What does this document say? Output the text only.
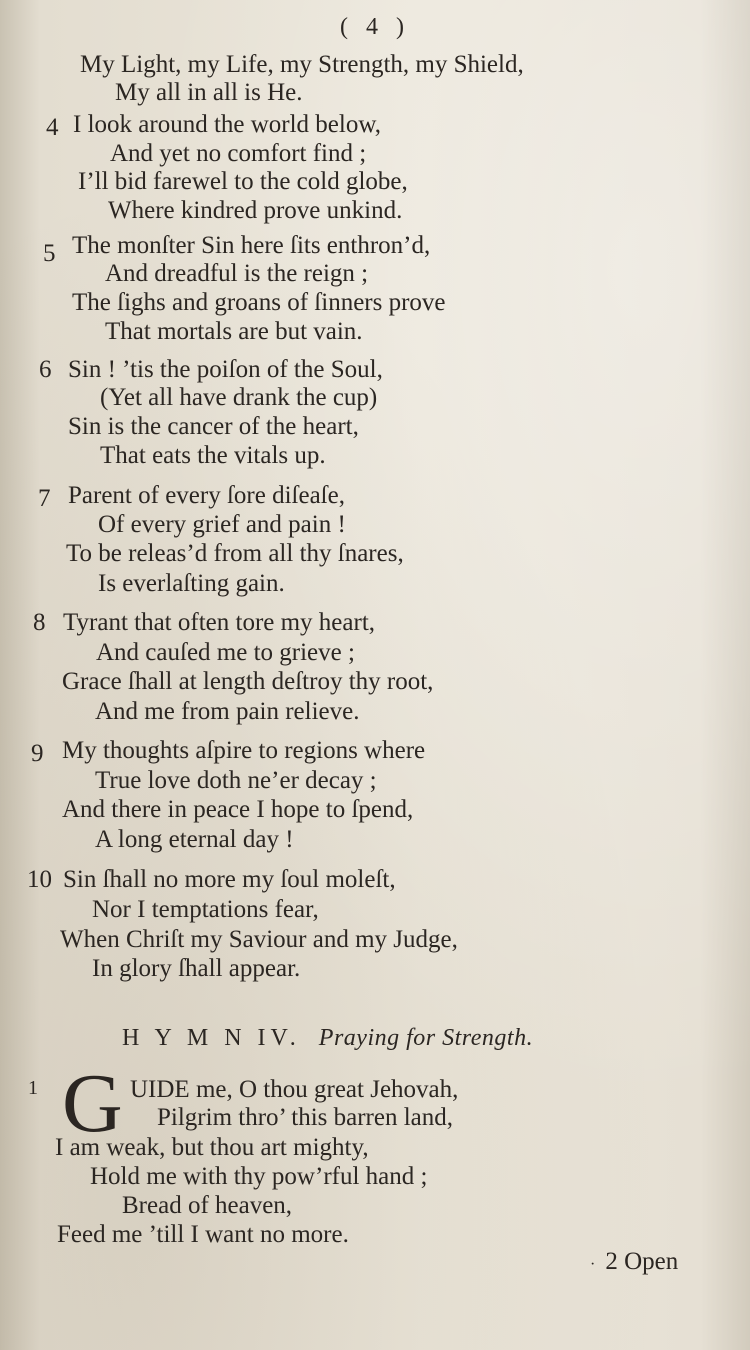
( 4 )
My Light, my Life, my Strength, my Shield,
My all in all is He.
4 I look around the world below,
And yet no comfort find ;
I’ll bid farewel to the cold globe,
Where kindred prove unkind.
5 The monſter Sin here ſits enthron’d,
And dreadful is the reign ;
The ſighs and groans of ſinners prove
That mortals are but vain.
6 Sin ! ’tis the poiſon of the Soul,
(Yet all have drank the cup)
Sin is the cancer of the heart,
That eats the vitals up.
7 Parent of every ſore diſeaſe,
Of every grief and pain !
To be releas’d from all thy ſnares,
Is everlaſting gain.
8 Tyrant that often tore my heart,
And cauſed me to grieve ;
Grace ſhall at length deſtroy thy root,
And me from pain relieve.
9 My thoughts aſpire to regions where
True love doth ne’er decay ;
And there in peace I hope to ſpend,
A long eternal day !
10 Sin ſhall no more my ſoul moleſt,
Nor I temptations fear,
When Chriſt my Saviour and my Judge,
In glory ſhall appear.
H Y M N IV. Praying for Strength.
1 G UIDE me, O thou great Jehovah,
Pilgrim thro’ this barren land,
I am weak, but thou art mighty,
Hold me with thy pow’rful hand ;
Bread of heaven,
Feed me ’till I want no more.
· 2 Open
